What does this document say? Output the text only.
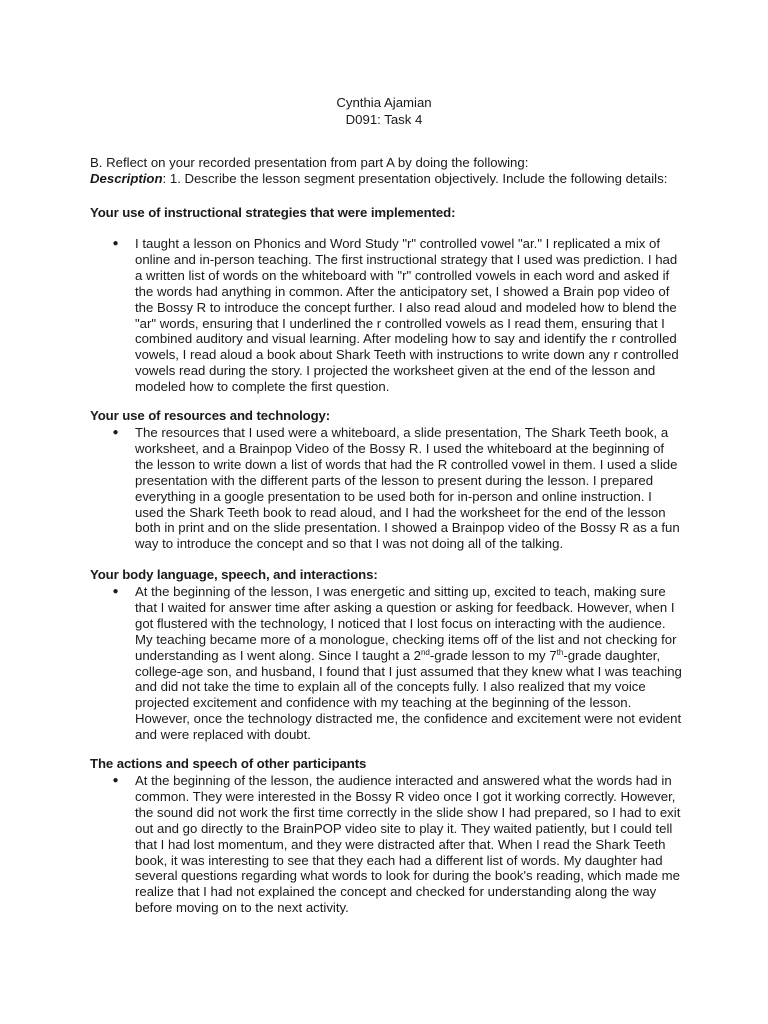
Cynthia Ajamian
D091: Task 4
B. Reflect on your recorded presentation from part A by doing the following:
Description: 1. Describe the lesson segment presentation objectively. Include the following details:
Your use of instructional strategies that were implemented:
● I taught a lesson on Phonics and Word Study "r" controlled vowel "ar." I replicated a mix of online and in-person teaching. The first instructional strategy that I used was prediction. I had a written list of words on the whiteboard with "r" controlled vowels in each word and asked if the words had anything in common. After the anticipatory set, I showed a Brain pop video of the Bossy R to introduce the concept further. I also read aloud and modeled how to blend the "ar" words, ensuring that I underlined the r controlled vowels as I read them, ensuring that I combined auditory and visual learning. After modeling how to say and identify the r controlled vowels, I read aloud a book about Shark Teeth with instructions to write down any r controlled vowels read during the story. I projected the worksheet given at the end of the lesson and modeled how to complete the first question.
Your use of resources and technology:
● The resources that I used were a whiteboard, a slide presentation, The Shark Teeth book, a worksheet, and a Brainpop Video of the Bossy R. I used the whiteboard at the beginning of the lesson to write down a list of words that had the R controlled vowel in them. I used a slide presentation with the different parts of the lesson to present during the lesson. I prepared everything in a google presentation to be used both for in-person and online instruction. I used the Shark Teeth book to read aloud, and I had the worksheet for the end of the lesson both in print and on the slide presentation. I showed a Brainpop video of the Bossy R as a fun way to introduce the concept and so that I was not doing all of the talking.
Your body language, speech, and interactions:
● At the beginning of the lesson, I was energetic and sitting up, excited to teach, making sure that I waited for answer time after asking a question or asking for feedback. However, when I got flustered with the technology, I noticed that I lost focus on interacting with the audience. My teaching became more of a monologue, checking items off of the list and not checking for understanding as I went along. Since I taught a 2nd-grade lesson to my 7th-grade daughter, college-age son, and husband, I found that I just assumed that they knew what I was teaching and did not take the time to explain all of the concepts fully. I also realized that my voice projected excitement and confidence with my teaching at the beginning of the lesson. However, once the technology distracted me, the confidence and excitement were not evident and were replaced with doubt.
The actions and speech of other participants
● At the beginning of the lesson, the audience interacted and answered what the words had in common. They were interested in the Bossy R video once I got it working correctly. However, the sound did not work the first time correctly in the slide show I had prepared, so I had to exit out and go directly to the BrainPOP video site to play it. They waited patiently, but I could tell that I had lost momentum, and they were distracted after that. When I read the Shark Teeth book, it was interesting to see that they each had a different list of words. My daughter had several questions regarding what words to look for during the book's reading, which made me realize that I had not explained the concept and checked for understanding along the way before moving on to the next activity.
